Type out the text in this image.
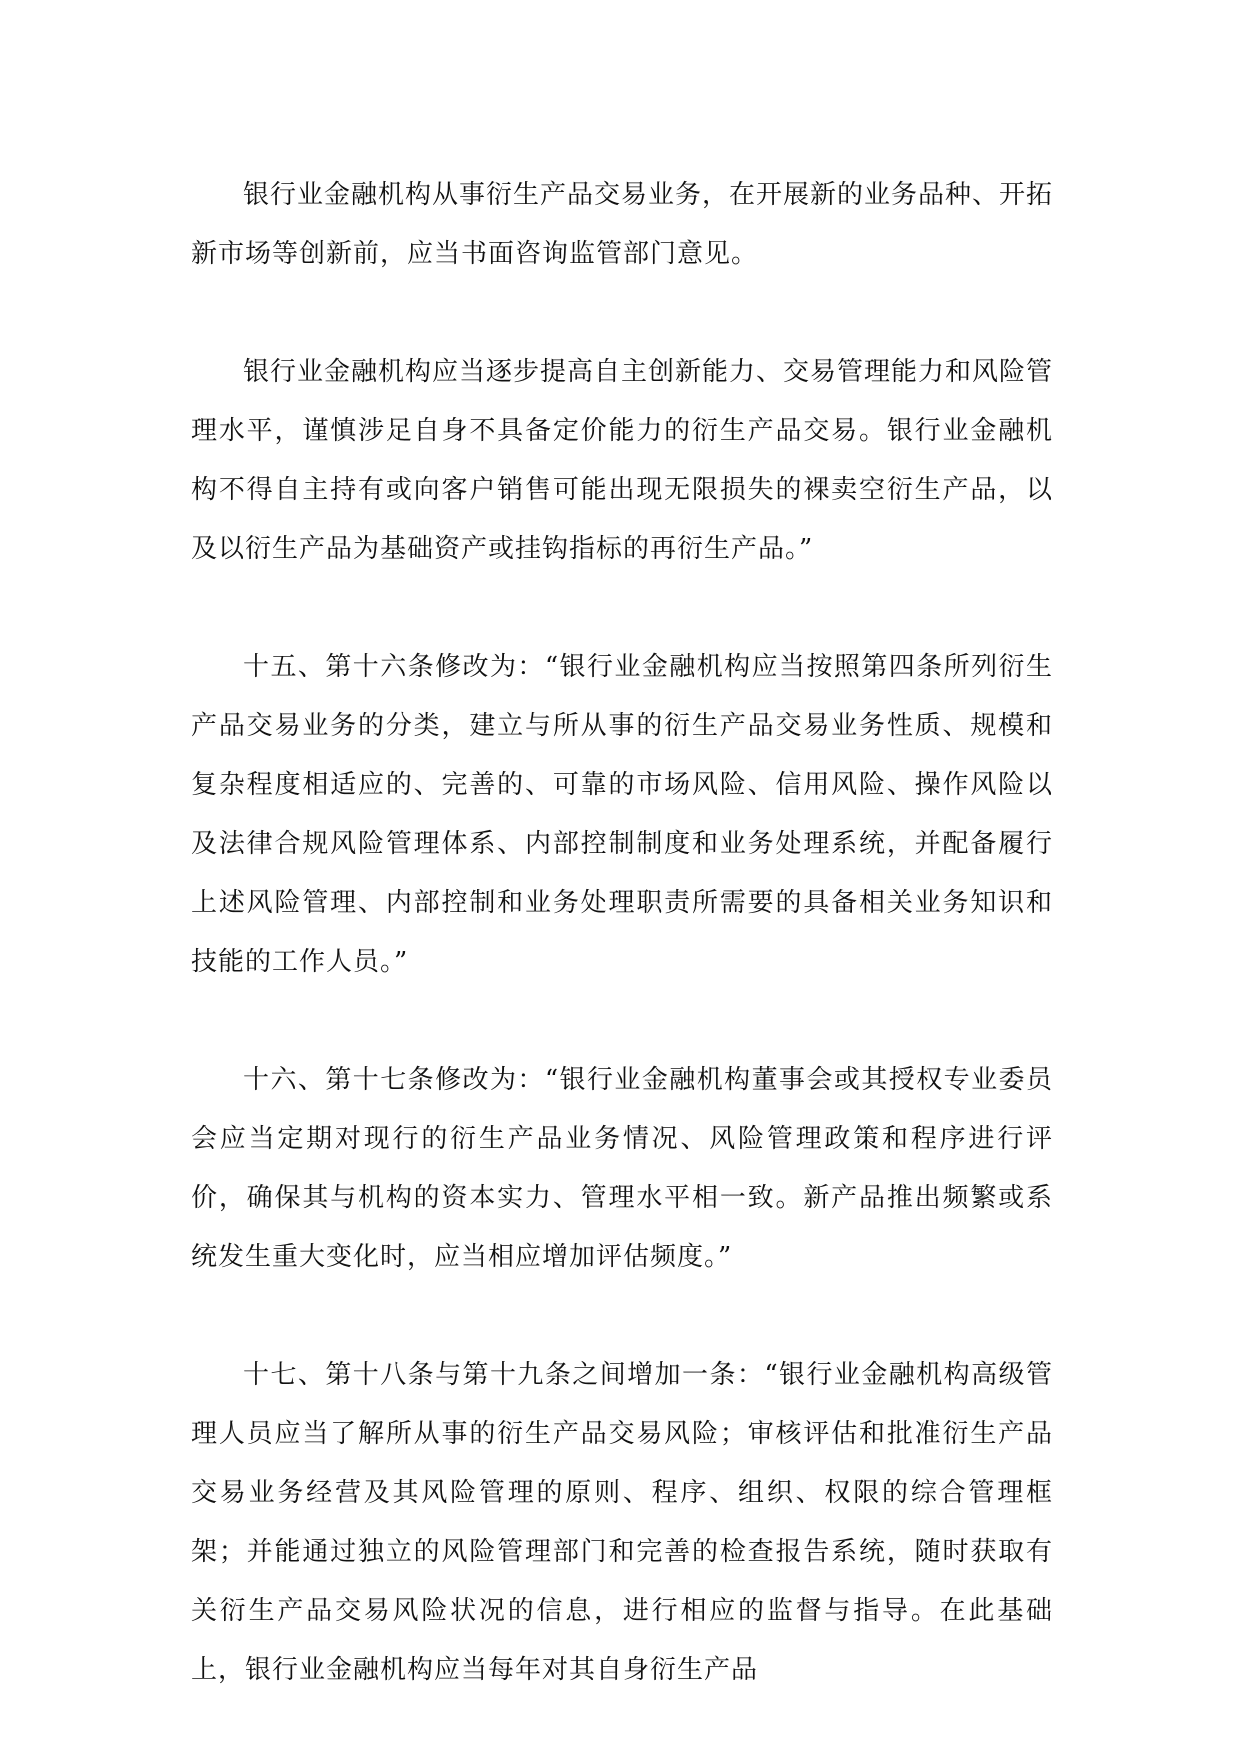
银行业金融机构从事衍生产品交易业务，在开展新的业务品种、开拓新市场等创新前，应当书面咨询监管部门意见。

银行业金融机构应当逐步提高自主创新能力、交易管理能力和风险管理水平，谨慎涉足自身不具备定价能力的衍生产品交易。银行业金融机构不得自主持有或向客户销售可能出现无限损失的裸卖空衍生产品，以及以衍生产品为基础资产或挂钩指标的再衍生产品。”

十五、第十六条修改为：“银行业金融机构应当按照第四条所列衍生产品交易业务的分类，建立与所从事的衍生产品交易业务性质、规模和复杂程度相适应的、完善的、可靠的市场风险、信用风险、操作风险以及法律合规风险管理体系、内部控制制度和业务处理系统，并配备履行上述风险管理、内部控制和业务处理职责所需要的具备相关业务知识和技能的工作人员。”

十六、第十七条修改为：“银行业金融机构董事会或其授权专业委员会应当定期对现行的衍生产品业务情况、风险管理政策和程序进行评价，确保其与机构的资本实力、管理水平相一致。新产品推出频繁或系统发生重大变化时，应当相应增加评估频度。”

十七、第十八条与第十九条之间增加一条：“银行业金融机构高级管理人员应当了解所从事的衍生产品交易风险；审核评估和批准衍生产品交易业务经营及其风险管理的原则、程序、组织、权限的综合管理框架；并能通过独立的风险管理部门和完善的检查报告系统，随时获取有关衍生产品交易风险状况的信息，进行相应的监督与指导。在此基础上，银行业金融机构应当每年对其自身衍生产品
